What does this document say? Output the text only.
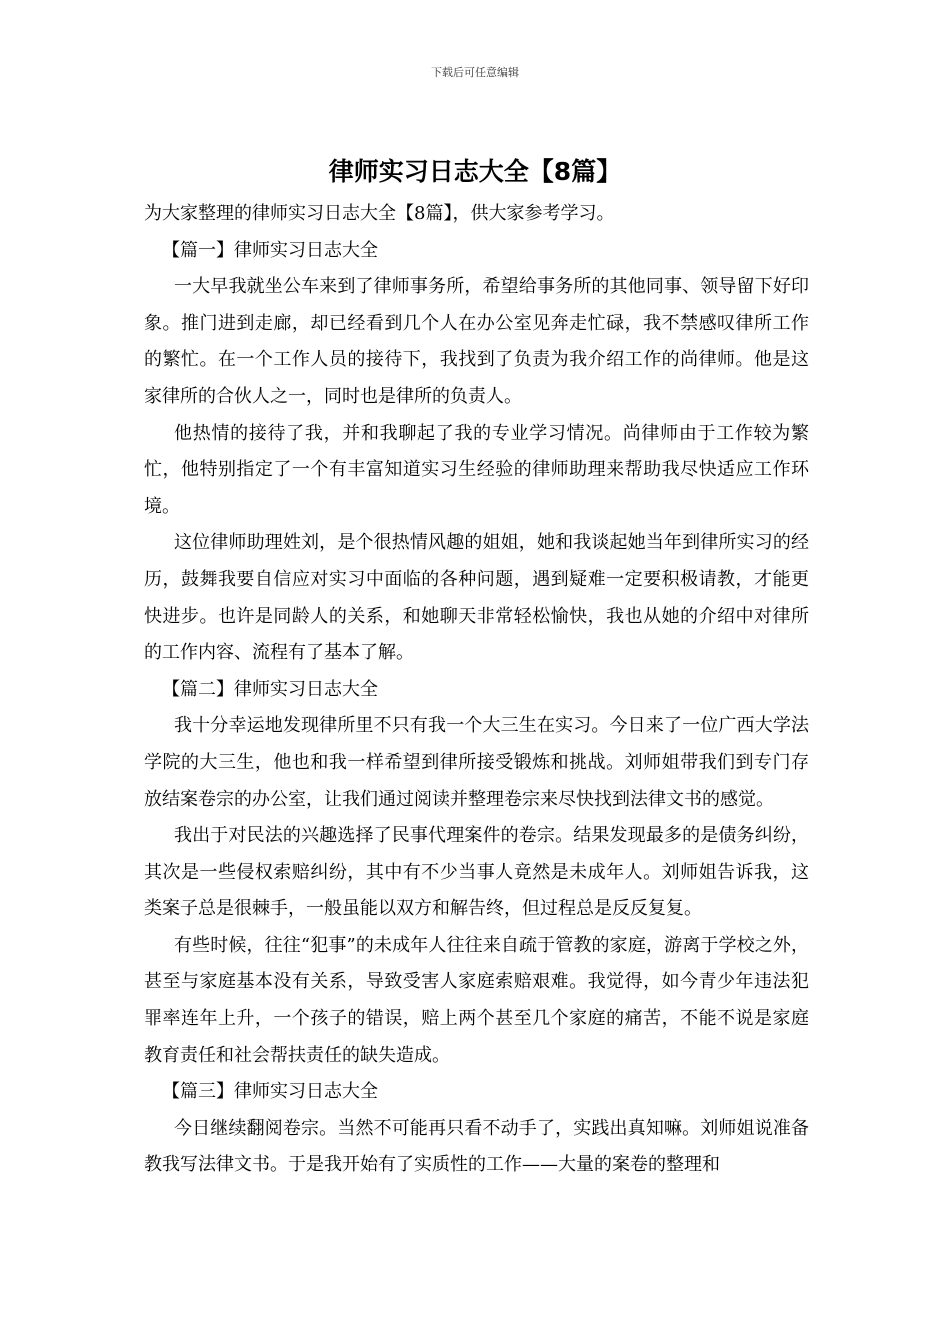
下载后可任意编辑
律师实习日志大全【8篇】

为大家整理的律师实习日志大全【8篇】，供大家参考学习。

【篇一】律师实习日志大全

一大早我就坐公车来到了律师事务所，希望给事务所的其他同事、领导留下好印象。推门进到走廊，却已经看到几个人在办公室见奔走忙碌，我不禁感叹律所工作的繁忙。在一个工作人员的接待下，我找到了负责为我介绍工作的尚律师。他是这家律所的合伙人之一，同时也是律所的负责人。

他热情的接待了我，并和我聊起了我的专业学习情况。尚律师由于工作较为繁忙，他特别指定了一个有丰富知道实习生经验的律师助理来帮助我尽快适应工作环境。

这位律师助理姓刘，是个很热情风趣的姐姐，她和我谈起她当年到律所实习的经历，鼓舞我要自信应对实习中面临的各种问题，遇到疑难一定要积极请教，才能更快进步。也许是同龄人的关系，和她聊天非常轻松愉快，我也从她的介绍中对律所的工作内容、流程有了基本了解。

【篇二】律师实习日志大全

我十分幸运地发现律所里不只有我一个大三生在实习。今日来了一位广西大学法学院的大三生，他也和我一样希望到律所接受锻炼和挑战。刘师姐带我们到专门存放结案卷宗的办公室，让我们通过阅读并整理卷宗来尽快找到法律文书的感觉。

我出于对民法的兴趣选择了民事代理案件的卷宗。结果发现最多的是债务纠纷，其次是一些侵权索赔纠纷，其中有不少当事人竟然是未成年人。刘师姐告诉我，这类案子总是很棘手，一般虽能以双方和解告终，但过程总是反反复复。

有些时候，往往“犯事”的未成年人往往来自疏于管教的家庭，游离于学校之外，甚至与家庭基本没有关系，导致受害人家庭索赔艰难。我觉得，如今青少年违法犯罪率连年上升，一个孩子的错误，赔上两个甚至几个家庭的痛苦，不能不说是家庭教育责任和社会帮扶责任的缺失造成。

【篇三】律师实习日志大全

今日继续翻阅卷宗。当然不可能再只看不动手了，实践出真知嘛。刘师姐说准备教我写法律文书。于是我开始有了实质性的工作——大量的案卷的整理和
